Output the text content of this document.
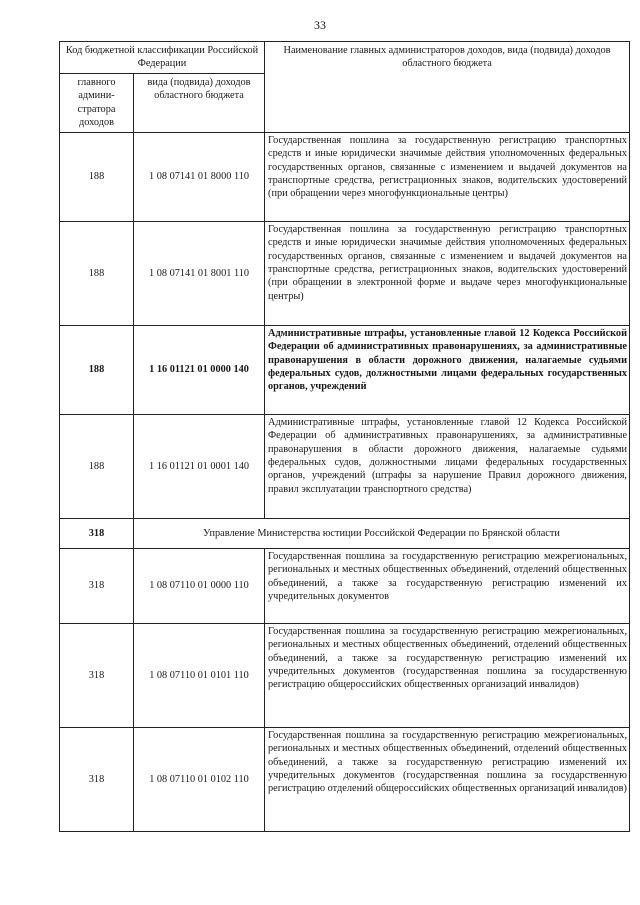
33
Код бюджетной классификации Российской Федерации		Наименование главных администраторов доходов, вида (подвида) доходов областного бюджета
главного админи-стратора доходов	вида (подвида) доходов областного бюджета	
188	1 08 07141 01 8000 110	Государственная пошлина за государственную регистрацию транспортных средств и иные юридически значимые действия уполномоченных федеральных государственных органов, связанные с изменением и выдачей документов на транспортные средства, регистрационных знаков, водительских удостоверений (при обращении через многофункциональные центры)
188	1 08 07141 01 8001 110	Государственная пошлина за государственную регистрацию транспортных средств и иные юридически значимые действия уполномоченных федеральных государственных органов, связанные с изменением и выдачей документов на транспортные средства, регистрационных знаков, водительских удостоверений (при обращении в электронной форме и выдаче через многофункциональные центры)
188	1 16 01121 01 0000 140	Административные штрафы, установленные главой 12 Кодекса Российской Федерации об административных правонарушениях, за административные правонарушения в области дорожного движения, налагаемые судьями федеральных судов, должностными лицами федеральных государственных органов, учреждений
188	1 16 01121 01 0001 140	Административные штрафы, установленные главой 12 Кодекса Российской Федерации об административных правонарушениях, за административные правонарушения в области дорожного движения, налагаемые судьями федеральных судов, должностными лицами федеральных государственных органов, учреждений (штрафы за нарушение Правил дорожного движения, правил эксплуатации транспортного средства)
318	Управление Министерства юстиции Российской Федерации по Брянской области	
318	1 08 07110 01 0000 110	Государственная пошлина за государственную регистрацию межрегиональных, региональных и местных общественных объединений, отделений общественных объединений, а также за государственную регистрацию изменений их учредительных документов
318	1 08 07110 01 0101 110	Государственная пошлина за государственную регистрацию межрегиональных, региональных и местных общественных объединений, отделений общественных объединений, а также за государственную регистрацию изменений их учредительных документов (государственная пошлина за государственную регистрацию общероссийских общественных организаций инвалидов)
318	1 08 07110 01 0102 110	Государственная пошлина за государственную регистрацию межрегиональных, региональных и местных общественных объединений, отделений общественных объединений, а также за государственную регистрацию изменений их учредительных документов (государственная пошлина за государственную регистрацию отделений общероссийских общественных организаций инвалидов)
